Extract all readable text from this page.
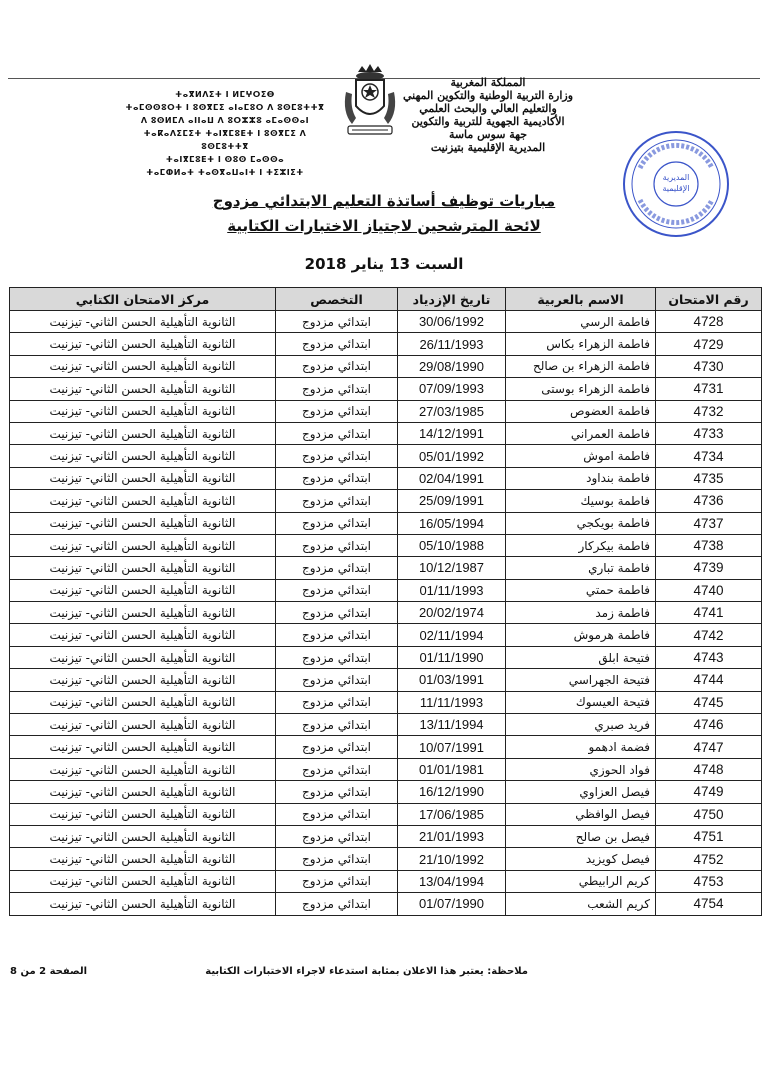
المملكة المغربية
وزارة التربية الوطنية والتكوين المهني
والتعليم العالي والبحث العلمي
الأكاديمية الجهوية للتربية والتكوين
جهة سوس ماسة
المديرية الإقليمية بتيزنيت
ⵜⴰⴳⵍⴷⵉⵜ ⵏ ⵍⵎⵖⵔⵉⴱ
ⵜⴰⵎⵙⵙⵓⵔⵜ ⵏ ⵓⵙⴳⵎⵉ ⴰⵏⴰⵎⵓⵔ ⴷ ⵓⵙⵎⵓⵜⵜⴳ
ⴷ ⵓⵙⵍⵎⴷ ⴰⵏⵏⴰⵡ ⴷ ⵓⵔⵣⵣⵓ ⴰⵎⴰⵙⵙⴰⵏ
ⵜⴰⴽⴰⴷⵉⵎⵉⵜ ⵜⴰⵏⴳⵎⵓⴹⵜ ⵏ ⵓⵙⴳⵎⵉ ⴷ ⵓⵙⵎⵓⵜⵜⴳ
ⵜⴰⵏⴳⵎⵓⴹⵜ ⵏ ⵙⵓⵙ ⵎⴰⵙⵙⴰ
ⵜⴰⵎⵀⵍⴰⵜ ⵜⴰⵙⴳⴰⵡⴰⵏⵜ ⵏ ⵜⵉⵣⵏⵉⵜ
المديرية
الإقليمية
مباريات توظيف أساتذة التعليم الابتدائي مزدوج
لائحة المترشحين لاجتياز الاختبارات الكتابية
السبت 13 يناير 2018
رقم الامتحان	الاسم بالعربية	تاريخ الإزدياد	التخصص	مركز الامتحان الكتابي
4728	فاطمة الرسي	30/06/1992	ابتدائي مزدوج	الثانوية التأهيلية الحسن الثاني- تيزنيت
4729	فاطمة الزهراء بكاس	26/11/1993	ابتدائي مزدوج	الثانوية التأهيلية الحسن الثاني- تيزنيت
4730	فاطمة الزهراء بن صالح	29/08/1990	ابتدائي مزدوج	الثانوية التأهيلية الحسن الثاني- تيزنيت
4731	فاطمة الزهراء بوستى	07/09/1993	ابتدائي مزدوج	الثانوية التأهيلية الحسن الثاني- تيزنيت
4732	فاطمة العضوص	27/03/1985	ابتدائي مزدوج	الثانوية التأهيلية الحسن الثاني- تيزنيت
4733	فاطمة العمراني	14/12/1991	ابتدائي مزدوج	الثانوية التأهيلية الحسن الثاني- تيزنيت
4734	فاطمة اموش	05/01/1992	ابتدائي مزدوج	الثانوية التأهيلية الحسن الثاني- تيزنيت
4735	فاطمة بنداود	02/04/1991	ابتدائي مزدوج	الثانوية التأهيلية الحسن الثاني- تيزنيت
4736	فاطمة بوسيك	25/09/1991	ابتدائي مزدوج	الثانوية التأهيلية الحسن الثاني- تيزنيت
4737	فاطمة بويكجي	16/05/1994	ابتدائي مزدوج	الثانوية التأهيلية الحسن الثاني- تيزنيت
4738	فاطمة بيكركار	05/10/1988	ابتدائي مزدوج	الثانوية التأهيلية الحسن الثاني- تيزنيت
4739	فاطمة تباري	10/12/1987	ابتدائي مزدوج	الثانوية التأهيلية الحسن الثاني- تيزنيت
4740	فاطمة حمتي	01/11/1993	ابتدائي مزدوج	الثانوية التأهيلية الحسن الثاني- تيزنيت
4741	فاطمة زمد	20/02/1974	ابتدائي مزدوج	الثانوية التأهيلية الحسن الثاني- تيزنيت
4742	فاطمة هرموش	02/11/1994	ابتدائي مزدوج	الثانوية التأهيلية الحسن الثاني- تيزنيت
4743	فتيحة ابلق	01/11/1990	ابتدائي مزدوج	الثانوية التأهيلية الحسن الثاني- تيزنيت
4744	فتيحة الجهراسي	01/03/1991	ابتدائي مزدوج	الثانوية التأهيلية الحسن الثاني- تيزنيت
4745	فتيحة العيسوك	11/11/1993	ابتدائي مزدوج	الثانوية التأهيلية الحسن الثاني- تيزنيت
4746	فريد صبري	13/11/1994	ابتدائي مزدوج	الثانوية التأهيلية الحسن الثاني- تيزنيت
4747	فضمة ادهمو	10/07/1991	ابتدائي مزدوج	الثانوية التأهيلية الحسن الثاني- تيزنيت
4748	فواد الحوزي	01/01/1981	ابتدائي مزدوج	الثانوية التأهيلية الحسن الثاني- تيزنيت
4749	فيصل العزاوي	16/12/1990	ابتدائي مزدوج	الثانوية التأهيلية الحسن الثاني- تيزنيت
4750	فيصل الوافظي	17/06/1985	ابتدائي مزدوج	الثانوية التأهيلية الحسن الثاني- تيزنيت
4751	فيصل بن صالح	21/01/1993	ابتدائي مزدوج	الثانوية التأهيلية الحسن الثاني- تيزنيت
4752	فيصل كويزيد	21/10/1992	ابتدائي مزدوج	الثانوية التأهيلية الحسن الثاني- تيزنيت
4753	كريم الرابيطي	13/04/1994	ابتدائي مزدوج	الثانوية التأهيلية الحسن الثاني- تيزنيت
4754	كريم الشعب	01/07/1990	ابتدائي مزدوج	الثانوية التأهيلية الحسن الثاني- تيزنيت
ملاحظة: يعتبر هذا الاعلان بمثابة استدعاء لاجراء الاختبارات الكتابية
الصفحة 2 من 8
